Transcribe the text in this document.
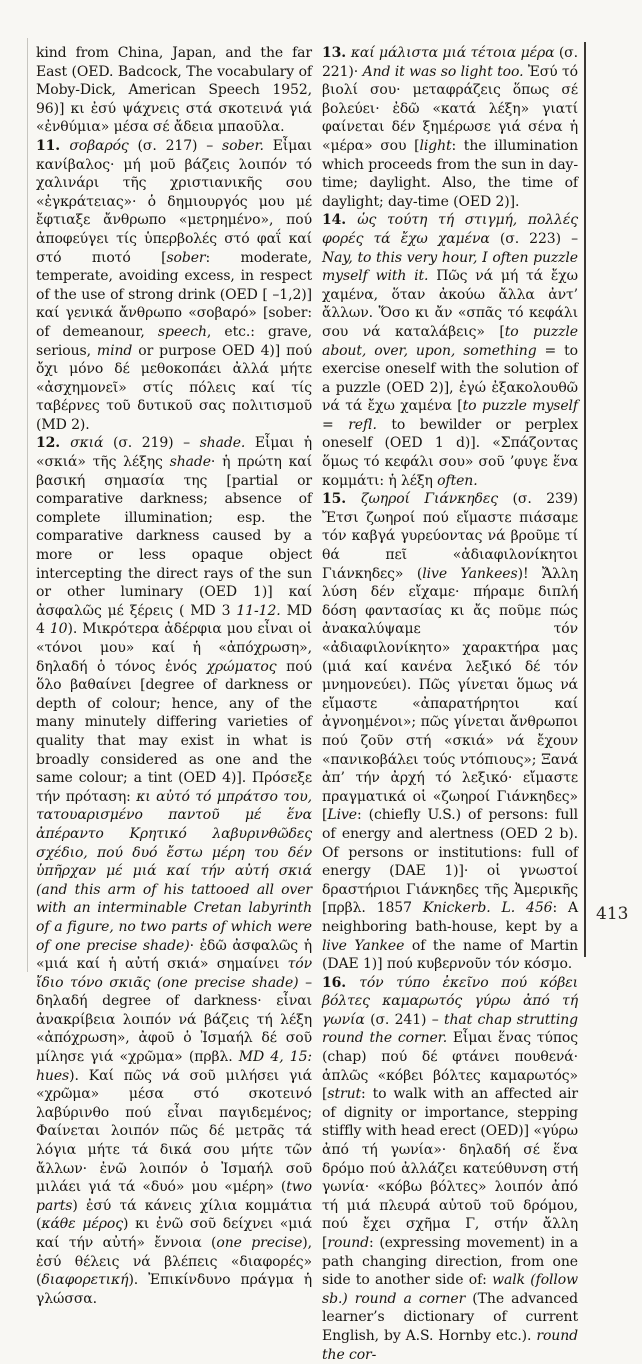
kind from China, Japan, and the far East (OED. Badcock, The vocabulary of Moby-Dick, American Speech 1952, 96)] κι ἐσύ ψάχνεις στά σκοτεινά γιά «ἐνθύμια» μέσα σέ ἄδεια μπαοῦλα.

11. σοβαρός (σ. 217) – sober. Εἶμαι κανίβαλος· μή μοῦ βάζεις λοιπόν τό χαλινάρι τῆς χριστιανικῆς σου «ἐγκράτειας»· ὁ δημιουργός μου μέ ἔφτιαξε ἄνθρωπο «μετρημένο», πού ἀποφεύγει τίς ὑπερβολές στό φαΐ καί στό πιοτό [sober: moderate, temperate, avoiding excess, in respect of the use of strong drink (OED [ –1,2)] καί γενικά ἄνθρωπο «σοβαρό» [sober: of demeanour, speech, etc.: grave, serious, mind or purpose OED 4)] πού ὄχι μόνο δέ μεθοκοπάει ἀλλά μήτε «ἀσχημονεῖ» στίς πόλεις καί τίς ταβέρνες τοῦ δυτικοῦ σας πολιτισμοῦ (MD 2).

12. σκιά (σ. 219) – shade. Εἶμαι ἡ «σκιά» τῆς λέξης shade· ἡ πρώτη καί βασική σημασία της [partial or comparative darkness; absence of complete illumination; esp. the comparative darkness caused by a more or less opaque object intercepting the direct rays of the sun or other luminary (OED 1)] καί ἀσφαλῶς μέ ξέρεις ( MD 3 11-12. MD 4 10). Μικρότερα ἀδέρφια μου εἶναι οἱ «τόνοι μου» καί ἡ «ἀπόχρωση», δηλαδή ὁ τόνος ἑνός χρώματος πού ὅλο βαθαίνει [degree of darkness or depth of colour; hence, any of the many minutely differing varieties of quality that may exist in what is broadly considered as one and the same colour; a tint (OED 4)]. Πρόσεξε τήν πρόταση: κι αὐτό τό μπράτσο του, τατουαρισμένο παντοῦ μέ ἕνα ἀπέραντο Κρητικό λαβυρινθῶδες σχέδιο, πού δυό ἔστω μέρη του δέν ὑπῆρχαν μέ μιά καί τήν αὐτή σκιά (and this arm of his tattooed all over with an interminable Cretan labyrinth of a figure, no two parts of which were of one precise shade)· ἐδῶ ἀσφαλῶς ἡ «μιά καί ἡ αὐτή σκιά» σημαίνει τόν ἴδιο τόνο σκιᾶς (one precise shade) – δηλαδή degree of darkness· εἶναι ἀνακρίβεια λοιπόν νά βάζεις τή λέξη «ἀπόχρωση», ἀφοῦ ὁ Ἰσμαήλ δέ σοῦ μίλησε γιά «χρῶμα» (πρβλ. MD 4, 15: hues). Καί πῶς νά σοῦ μιλήσει γιά «χρῶμα» μέσα στό σκοτεινό λαβύρινθο πού εἶναι παγιδεμένος; Φαίνεται λοιπόν πῶς δέ μετρᾶς τά λόγια μήτε τά δικά σου μήτε τῶν ἄλλων· ἐνῶ λοιπόν ὁ Ἰσμαήλ σοῦ μιλάει γιά τά «δυό» μου «μέρη» (two parts) ἐσύ τά κάνεις χίλια κομμάτια (κάθε μέρος) κι ἐνῶ σοῦ δείχνει «μιά καί τήν αὐτή» ἔννοια (one precise), ἐσύ θέλεις νά βλέπεις «διαφορές» (διαφορετική). Ἐπικίνδυνο πράγμα ἡ γλώσσα.

13. καί μάλιστα μιά τέτοια μέρα (σ. 221)· And it was so light too. Ἐσύ τό βιολί σου· μεταφράζεις ὅπως σέ βολεύει· ἐδῶ «κατά λέξη» γιατί φαίνεται δέν ξημέρωσε γιά σένα ἡ «μέρα» σου [light: the illumination which proceeds from the sun in day-time; daylight. Also, the time of daylight; day-time (OED 2)].

14. ὡς τούτη τή στιγμή, πολλές φορές τά ἔχω χαμένα (σ. 223) – Nay, to this very hour, I often puzzle myself with it. Πῶς νά μή τά ἔχω χαμένα, ὅταν ἀκούω ἄλλα ἀντ’ ἄλλων. Ὅσο κι ἄν «σπᾶς τό κεφάλι σου νά καταλάβεις» [to puzzle about, over, upon, something = to exercise oneself with the solution of a puzzle (OED 2)], ἐγώ ἐξακολουθῶ νά τά ἔχω χαμένα [to puzzle myself = refl. to bewilder or perplex oneself (OED 1 d)]. «Σπάζοντας ὅμως τό κεφάλι σου» σοῦ ’φυγε ἕνα κομμάτι: ἡ λέξη often.

15. ζωηροί Γιάνκηδες (σ. 239) Ἔτσι ζωηροί πού εἴμαστε πιάσαμε τόν καβγά γυρεύοντας νά βροῦμε τί θά πεῖ «ἀδιαφιλονίκητοι Γιάνκηδες» (live Yankees)! Ἄλλη λύση δέν εἴχαμε· πήραμε διπλή δόση φαντασίας κι ἄς ποῦμε πώς ἀνακαλύψαμε τόν «ἀδιαφιλονίκητο» χαρακτήρα μας (μιά καί κανένα λεξικό δέ τόν μνημονεύει). Πῶς γίνεται ὅμως νά εἴμαστε «ἀπαρατήρητοι καί ἀγνοημένοι»; πῶς γίνεται ἄνθρωποι πού ζοῦν στή «σκιά» νά ἔχουν «πανικοβάλει τούς ντόπιους»; Ξανά ἀπ’ τήν ἀρχή τό λεξικό· εἴμαστε πραγματικά οἱ «ζωηροί Γιάνκηδες» [Live: (chiefly U.S.) of persons: full of energy and alertness (OED 2 b). Of persons or institutions: full of energy (DAE 1)]· οἱ γνωστοί δραστήριοι Γιάνκηδες τῆς Ἀμερικῆς [πρβλ. 1857 Knickerb. L. 456: A neighboring bath-house, kept by a live Yankee of the name of Martin (DAE 1)] πού κυβερνοῦν τόν κόσμο.

16. τόν τύπο ἐκεῖνο πού κόβει βόλτες καμαρωτός γύρω ἀπό τή γωνία (σ. 241) – that chap strutting round the corner. Εἶμαι ἕνας τύπος (chap) πού δέ φτάνει πουθενά· ἁπλῶς «κόβει βόλτες καμαρωτός» [strut: to walk with an affected air of dignity or importance, stepping stiffly with head erect (OED)] «γύρω ἀπό τή γωνία»· δηλαδή σέ ἕνα δρόμο πού ἀλλάζει κατεύθυνση στή γωνία· «κόβω βόλτες» λοιπόν ἀπό τή μιά πλευρά αὐτοῦ τοῦ δρόμου, πού ἔχει σχῆμα Γ, στήν ἄλλη [round: (expressing movement) in a path changing direction, from one side to another side of: walk (follow sb.) round a corner (The advanced learner’s dictionary of current English, by A.S. Hornby etc.). round the cor-

413
